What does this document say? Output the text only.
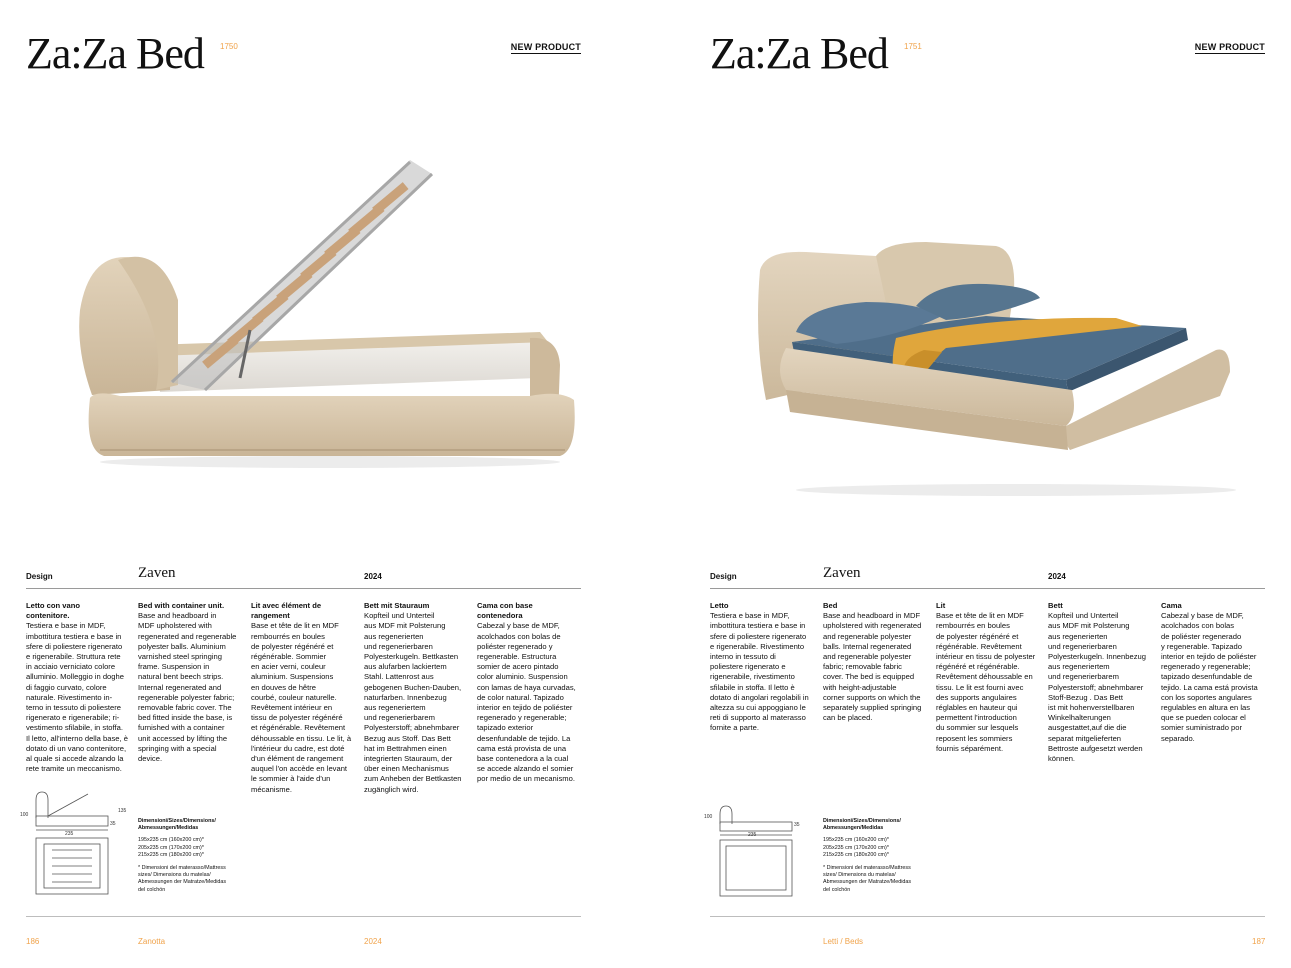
Za:Za Bed 1750	NEW PRODUCT
Design	Zaven	2024
Letto con vano
contenitore.
Testiera e base in MDF,
imbottitura testiera e base in
sfere di poliestere rigenerato
e rigenerabile. Struttura rete
in acciaio verniciato colore
alluminio. Molleggio in doghe
di faggio curvato, colore
naturale. Rivestimento in-
terno in tessuto di poliestere
rigenerato e rigenerabile; ri-
vestimento sfilabile, in stoffa.
Il letto, all'interno della base, è
dotato di un vano contenitore,
al quale si accede alzando la
rete tramite un meccanismo.
Bed with container unit.
Base and headboard in
MDF upholstered with
regenerated and regenerable
polyester balls. Aluminium
varnished steel springing
frame. Suspension in
natural bent beech strips.
Internal regenerated and
regenerable polyester fabric;
removable fabric cover. The
bed fitted inside the base, is
furnished with a container
unit accessed by lifting the
springing with a special
device.
Lit avec élément de
rangement
Base et tête de lit en MDF
rembourrés en boules
de polyester régénéré et
régénérable. Sommier
en acier verni, couleur
aluminium. Suspensions
en douves de hêtre
courbé, couleur naturelle.
Revêtement intérieur en
tissu de polyester régénéré
et régénérable. Revêtement
déhoussable en tissu. Le lit, à
l'intérieur du cadre, est doté
d'un élément de rangement
auquel l'on accède en levant
le sommier à l'aide d'un
mécanisme.
Bett mit Stauraum
Kopfteil und Unterteil
aus MDF mit Polsterung
aus regenerierten
und regenerierbaren
Polyesterkugeln. Bettkasten
aus alufarben lackiertem
Stahl. Lattenrost aus
gebogenen Buchen-Dauben,
naturfarben. Innenbezug
aus regeneriertem
und regenerierbarem
Polyesterstoff; abnehmbarer
Bezug aus Stoff. Das Bett
hat im Bettrahmen einen
integrierten Stauraum, der
über einen Mechanismus
zum Anheben der Bettkasten
zugänglich wird.
Cama con base
contenedora
Cabezal y base de MDF,
acolchados con bolas de
poliéster regenerado y
regenerable. Estructura
somier de acero pintado
color aluminio. Suspension
con lamas de haya curvadas,
de color natural. Tapizado
interior en tejido de poliéster
regenerado y regenerable;
tapizado exterior
desenfundable de tejido. La
cama está provista de una
base contenedora a la cual
se accede alzando el somier
por medio de un mecanismo.
100
135
35
235
Dimensioni/Sizes/Dimensions/
Abmessungen/Medidas
195x235 cm (160x200 cm)*
205x235 cm (170x200 cm)*
215x235 cm (180x200 cm)*
* Dimensioni del materasso/Mattress
sizes/ Dimensions du matelas/
Abmessungen der Matratze/Medidas
del colchón
186	Zanotta	2024
Za:Za Bed 1751	NEW PRODUCT
Design	Zaven	2024
Letto
Testiera e base in MDF,
imbottitura testiera e base in
sfere di poliestere rigenerato
e rigenerabile. Rivestimento
interno in tessuto di
poliestere rigenerato e
rigenerabile, rivestimento
sfilabile in stoffa. Il letto è
dotato di angolari regolabili in
altezza su cui appoggiano le
reti di supporto al materasso
fornite a parte.
Bed
Base and headboard in MDF
upholstered with regenerated
and regenerable polyester
balls. Internal regenerated
and regenerable polyester
fabric; removable fabric
cover. The bed is equipped
with height-adjustable
corner supports on which the
separately supplied springing
can be placed.
Lit
Base et tête de lit en MDF
rembourrés en boules
de polyester régénéré et
régénérable. Revêtement
intérieur en tissu de polyester
régénéré et régénérable.
Revêtement déhoussable en
tissu. Le lit est fourni avec
des supports angulaires
réglables en hauteur qui
permettent l'introduction
du sommier sur lesquels
reposent les sommiers
fournis séparément.
Bett
Kopfteil und Unterteil
aus MDF mit Polsterung
aus regenerierten
und regenerierbaren
Polyesterkugeln. Innenbezug
aus regeneriertem
und regenerierbarem
Polyesterstoff; abnehmbarer
Stoff-Bezug . Das Bett
ist mit hohenverstellbaren
Winkelhalterungen
ausgestattet,auf die die
separat mitgelieferten
Bettroste aufgesetzt werden
können.
Cama
Cabezal y base de MDF,
acolchados con bolas
de poliéster regenerado
y regenerable. Tapizado
interior en tejido de poliéster
regenerado y regenerable;
tapizado desenfundable de
tejido. La cama está provista
con los soportes angulares
regulables en altura en las
que se pueden colocar el
somier suministrado por
separado.
100
35
235
Dimensioni/Sizes/Dimensions/
Abmessungen/Medidas
195x235 cm (160x200 cm)*
205x235 cm (170x200 cm)*
215x235 cm (180x200 cm)*
* Dimensioni del materasso/Mattress
sizes/ Dimensions du matelas/
Abmessungen der Matratze/Medidas
del colchón
Letti / Beds	187
